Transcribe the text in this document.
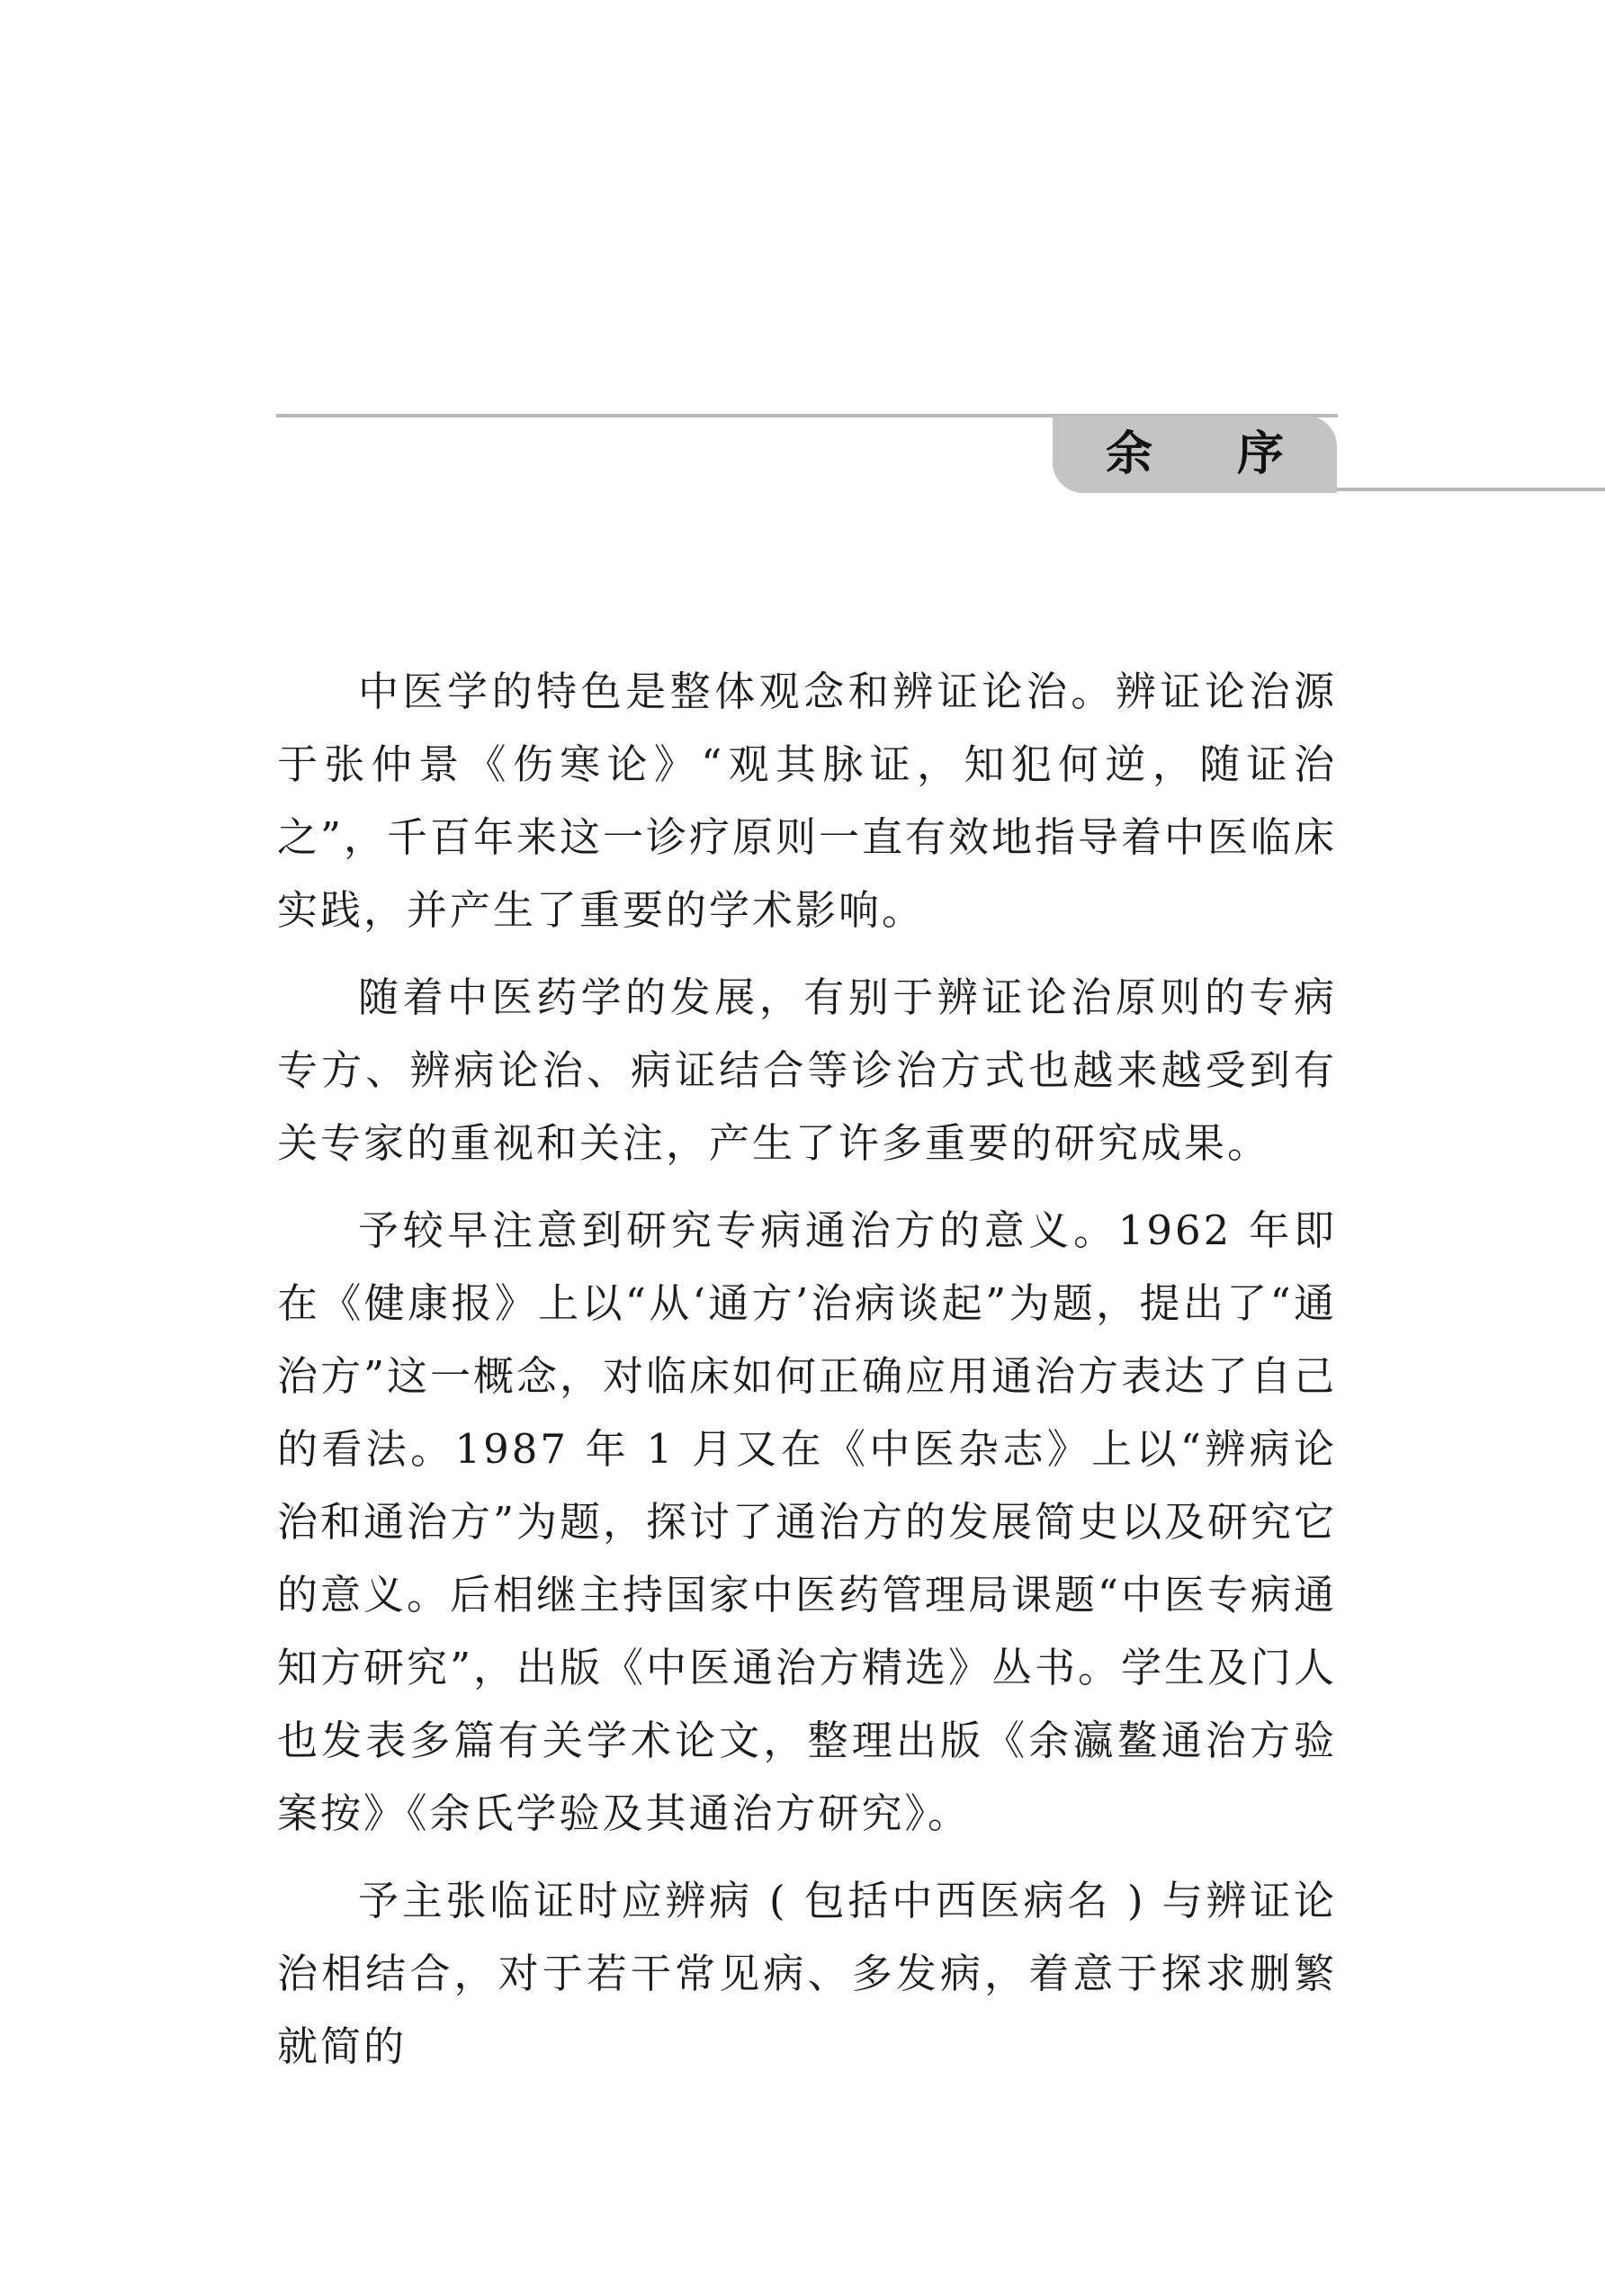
余 序

中医学的特色是整体观念和辨证论治。辨证论治源于张仲景《伤寒论》“观其脉证，知犯何逆，随证治之”，千百年来这一诊疗原则一直有效地指导着中医临床实践，并产生了重要的学术影响。

随着中医药学的发展，有别于辨证论治原则的专病专方、辨病论治、病证结合等诊治方式也越来越受到有关专家的重视和关注，产生了许多重要的研究成果。

予较早注意到研究专病通治方的意义。1962 年即在《健康报》上以“从‘通方’治病谈起”为题，提出了“通治方”这一概念，对临床如何正确应用通治方表达了自己的看法。1987 年 1 月又在《中医杂志》上以“辨病论治和通治方”为题，探讨了通治方的发展简史以及研究它的意义。后相继主持国家中医药管理局课题“中医专病通知方研究”，出版《中医通治方精选》丛书。学生及门人也发表多篇有关学术论文，整理出版《余瀛鳌通治方验案按》《余氏学验及其通治方研究》。

予主张临证时应辨病 ( 包括中西医病名 ) 与辨证论治相结合，对于若干常见病、多发病，着意于探求删繁就简的
